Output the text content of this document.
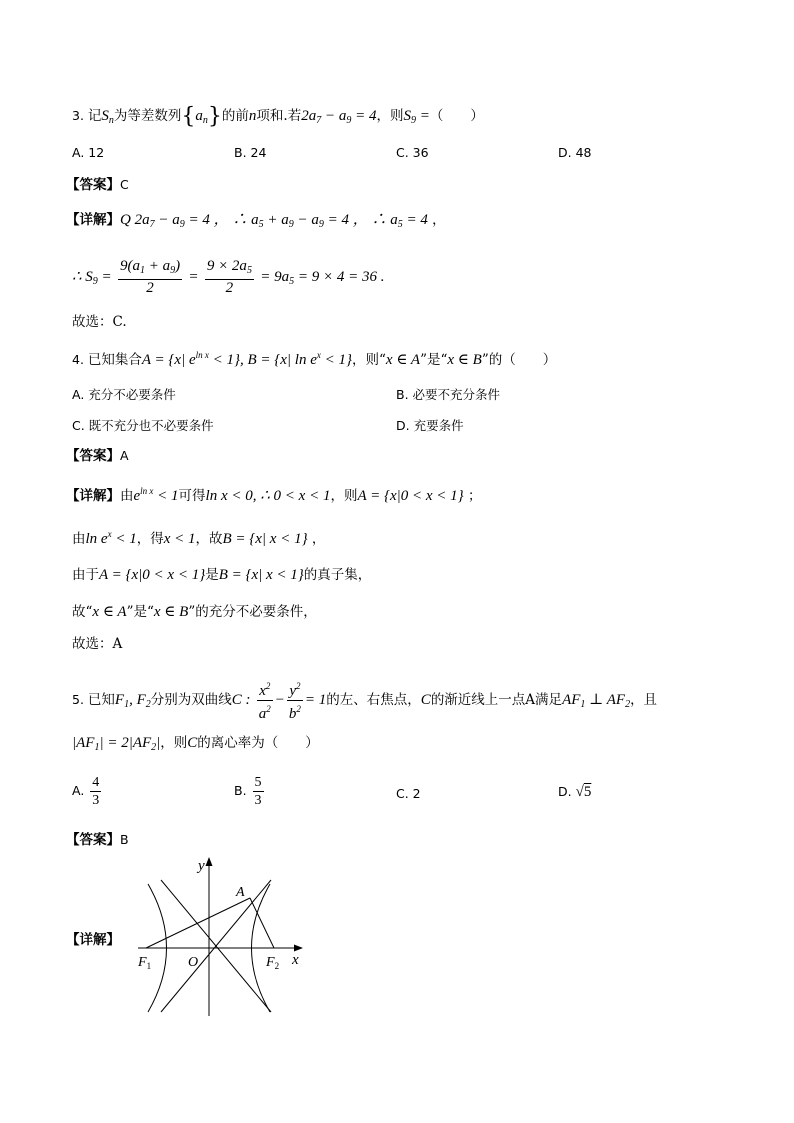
3. 记$S_n$为等差数列$\{a_n\}$的前n项和.若$2a_7 - a_9 = 4$，则$S_9$ =（　　）
A. 12	B. 24	C. 36	D. 48
【答案】C
【详解】Q $2a_7 - a_9 = 4$ ， ∴ $a_5 + a_9 - a_9 = 4$ ， ∴ $a_5 = 4$ ，
∴ $S_9 = \frac{9(a_1 + a_9)}{2} = \frac{9 \times 2a_5}{2} = 9a_5 = 9 \times 4 = 36$ .
故选：C.
4. 已知集合A = {x| $e^{ln x} < 1$}, B = {x| $\ln e^x < 1$}，则“x ∈ A”是“x ∈ B”的（　　）
A. 充分不必要条件	B. 必要不充分条件
C. 既不充分也不必要条件	D. 充要条件
【答案】A
【详解】由$e^{ln x} < 1$可得ln x < 0, ∴ 0 < x < 1，则A = {x|0 < x < 1} ；
由$\ln e^x < 1$，得x < 1，故B = {x| x < 1} ，
由于A = {x|0 < x < 1}是B = {x| x < 1}的真子集，
故“x ∈ A”是“x ∈ B”的充分不必要条件，
故选：A
5. 已知$F_1$, $F_2$分别为双曲线C : $\frac{x^2}{a^2} - \frac{y^2}{b^2} = 1$的左、右焦点，C的渐近线上一点A满足$AF_1$ ⊥ $AF_2$，且
$|AF_1| = 2|AF_2|$，则C的离心率为（　　）
A. $\frac{4}{3}$	B. $\frac{5}{3}$	C. 2	D. √5
【答案】B
【详解】
y
x
A
O
$F_1$	$F_2$
